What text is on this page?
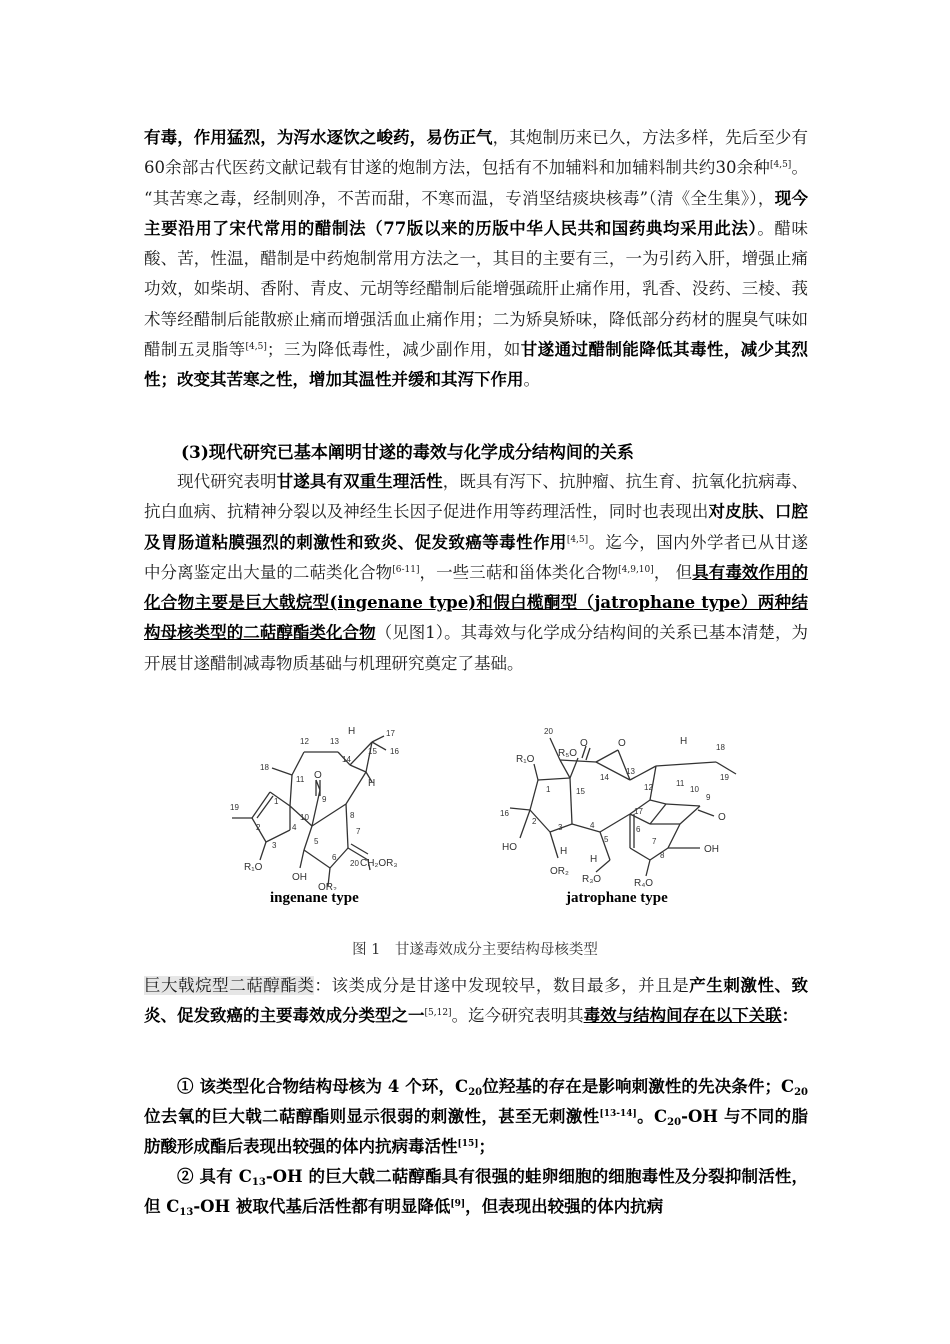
有毒，作用猛烈，为泻水逐饮之峻药，易伤正气，其炮制历来已久，方法多样，先后至少有60余部古代医药文献记载有甘遂的炮制方法，包括有不加辅料和加辅料制共约30余种[4,5]。 “其苦寒之毒，经制则净，不苦而甜，不寒而温，专消坚结痰块核毒”（清《全生集》），现今主要沿用了宋代常用的醋制法（77版以来的历版中华人民共和国药典均采用此法）。醋味酸、苦，性温，醋制是中药炮制常用方法之一，其目的主要有三，一为引药入肝，增强止痛功效，如柴胡、香附、青皮、元胡等经醋制后能增强疏肝止痛作用，乳香、没药、三棱、莪术等经醋制后能散瘀止痛而增强活血止痛作用；二为矫臭矫味，降低部分药材的腥臭气味如醋制五灵脂等[4,5]；三为降低毒性，减少副作用，如甘遂通过醋制能降低其毒性，减少其烈性；改变其苦寒之性，增加其温性并缓和其泻下作用。

(3)现代研究已基本阐明甘遂的毒效与化学成分结构间的关系

现代研究表明甘遂具有双重生理活性，既具有泻下、抗肿瘤、抗生育、抗氧化抗病毒、抗白血病、抗精神分裂以及神经生长因子促进作用等药理活性，同时也表现出对皮肤、口腔及胃肠道粘膜强烈的刺激性和致炎、促发致癌等毒性作用[4,5]。迄今，国内外学者已从甘遂中分离鉴定出大量的二萜类化合物[6-11]，一些三萜和甾体类化合物[4,9,10]， 但具有毒效作用的化合物主要是巨大戟烷型(ingenane type)和假白榄酮型（jatrophane type）两种结构母核类型的二萜醇酯类化合物（见图1）。其毒效与化学成分结构间的关系已基本清楚，为开展甘遂醋制减毒物质基础与机理研究奠定了基础。

12	13
H	17
16
15
14
18
11 O
9
H
1
19
2
3
4
10	8
5
6
7
20 CH₂OR₃
R₁O
OH
OR₂
20
R₁O
R₅O
O	O	H
18
16
2
1	15
14
13
12	11
10
17
19
9
O
3	4
5
6
7
8
HO	H
H
R₃O	R₄O
OR₂
OH
ingenane type	jatrophane type
图 1　甘遂毒效成分主要结构母核类型

巨大戟烷型二萜醇酯类：该类成分是甘遂中发现较早，数目最多，并且是产生刺激性、致炎、促发致癌的主要毒效成分类型之一[5,12]。迄今研究表明其毒效与结构间存在以下关联：

① 该类型化合物结构母核为 4 个环，$C_{20}$位羟基的存在是影响刺激性的先决条件；$C_{20}$位去氧的巨大戟二萜醇酯则显示很弱的刺激性，甚至无刺激性[13-14]。$C_{20}-OH$ 与不同的脂肪酸形成酯后表现出较强的体内抗病毒活性[15]；

② 具有 $C_{13}-OH$ 的巨大戟二萜醇酯具有很强的蛙卵细胞的细胞毒性及分裂抑制活性，但 $C_{13}-OH$ 被取代基后活性都有明显降低[9]，但表现出较强的体内抗病
